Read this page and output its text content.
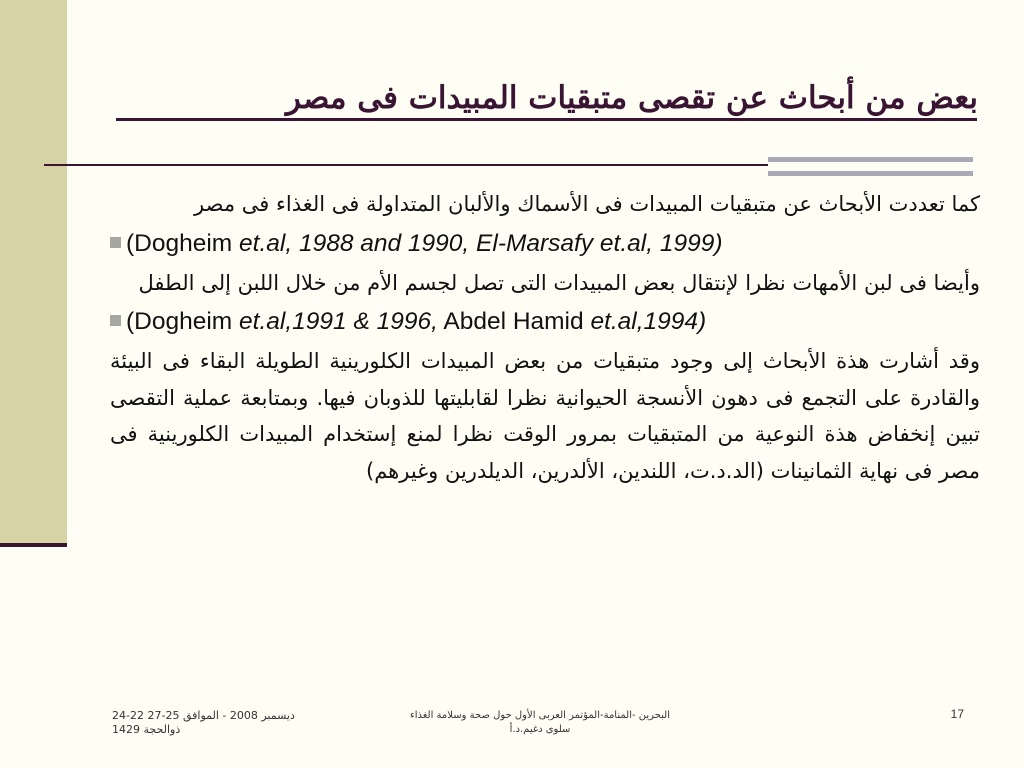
بعض من أبحاث عن تقصى متبقيات المبيدات فى مصر

كما تعددت الأبحاث عن متبقيات المبيدات فى الأسماك والألبان المتداولة فى الغذاء فى مصر

(Dogheim et.al, 1988 and 1990, El-Marsafy et.al, 1999)

وأيضا فى لبن الأمهات نظرا لإنتقال بعض المبيدات التى تصل لجسم الأم من خلال اللبن إلى الطفل

(Dogheim et.al,1991 & 1996, Abdel Hamid et.al,1994)

وقد أشارت هذة الأبحاث إلى وجود متبقيات من بعض المبيدات الكلورينية الطويلة البقاء فى البيئة والقادرة على التجمع فى دهون الأنسجة الحيوانية نظرا لقابليتها للذوبان فيها. وبمتابعة عملية التقصى تبين إنخفاض هذة النوعية من المتبقيات بمرور الوقت نظرا لمنع إستخدام المبيدات الكلورينية فى مصر فى نهاية الثمانينات (الد.د.ت، اللندين، الألدرين، الديلدرين وغيرهم)

24-22 ديسمبر 2008 - الموافق 25-27
ذوالحجة 1429
البحرين -المنامة-المؤتمر العربى الأول حول صحة وسلامة الغذاء
سلوى دغيم.د.أ
17
